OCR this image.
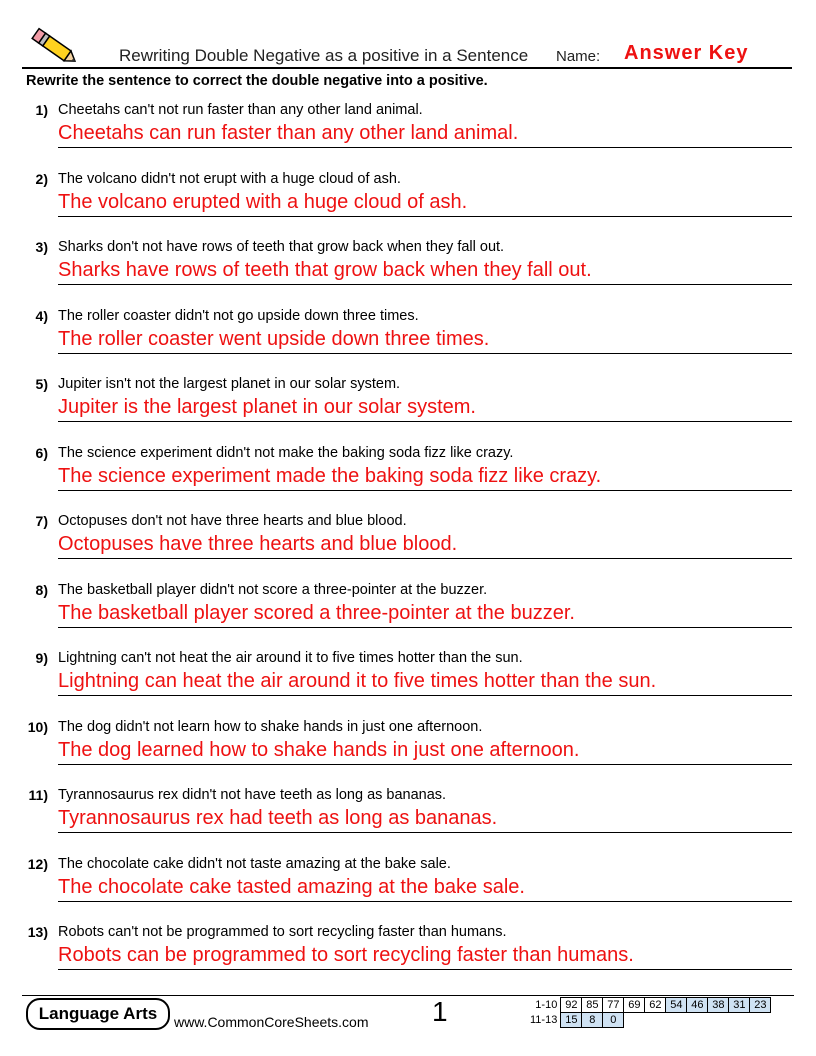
Rewriting Double Negative as a positive in a Sentence Name: Answer Key
Rewrite the sentence to correct the double negative into a positive.
1) Cheetahs can't not run faster than any other land animal.
Cheetahs can run faster than any other land animal.
2) The volcano didn't not erupt with a huge cloud of ash.
The volcano erupted with a huge cloud of ash.
3) Sharks don't not have rows of teeth that grow back when they fall out.
Sharks have rows of teeth that grow back when they fall out.
4) The roller coaster didn't not go upside down three times.
The roller coaster went upside down three times.
5) Jupiter isn't not the largest planet in our solar system.
Jupiter is the largest planet in our solar system.
6) The science experiment didn't not make the baking soda fizz like crazy.
The science experiment made the baking soda fizz like crazy.
7) Octopuses don't not have three hearts and blue blood.
Octopuses have three hearts and blue blood.
8) The basketball player didn't not score a three-pointer at the buzzer.
The basketball player scored a three-pointer at the buzzer.
9) Lightning can't not heat the air around it to five times hotter than the sun.
Lightning can heat the air around it to five times hotter than the sun.
10) The dog didn't not learn how to shake hands in just one afternoon.
The dog learned how to shake hands in just one afternoon.
11) Tyrannosaurus rex didn't not have teeth as long as bananas.
Tyrannosaurus rex had teeth as long as bananas.
12) The chocolate cake didn't not taste amazing at the bake sale.
The chocolate cake tasted amazing at the bake sale.
13) Robots can't not be programmed to sort recycling faster than humans.
Robots can be programmed to sort recycling faster than humans.
Language Arts	www.CommonCoreSheets.com 1	1-10	92	85	77	69	62	54	46	38	31	23
11-13	15	8	0							
